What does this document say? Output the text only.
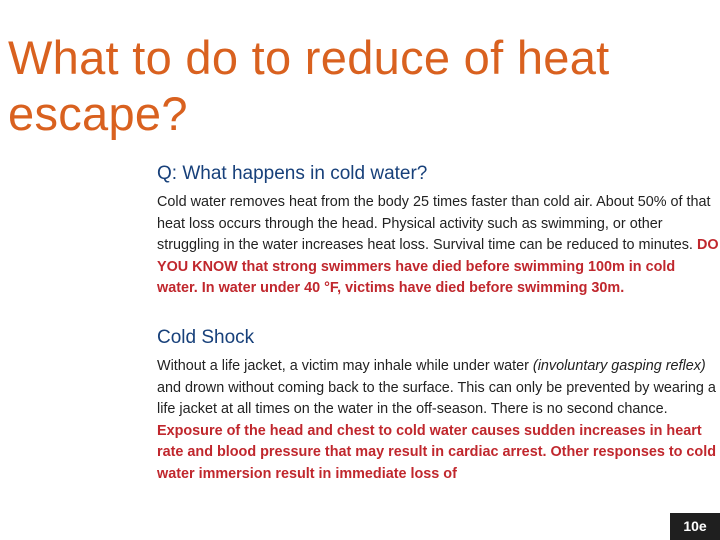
What to do to reduce of heat escape?
Q: What happens in cold water?
Cold water removes heat from the body 25 times faster than cold air. About 50% of that heat loss occurs through the head. Physical activity such as swimming, or other struggling in the water increases heat loss. Survival time can be reduced to minutes. DO YOU KNOW that strong swimmers have died before swimming 100m in cold water. In water under 40 °F, victims have died before swimming 30m.
Cold Shock
Without a life jacket, a victim may inhale while under water (involuntary gasping reflex) and drown without coming back to the surface. This can only be prevented by wearing a life jacket at all times on the water in the off-season. There is no second chance. Exposure of the head and chest to cold water causes sudden increases in heart rate and blood pressure that may result in cardiac arrest. Other responses to cold water immersion result in immediate loss of
10e
